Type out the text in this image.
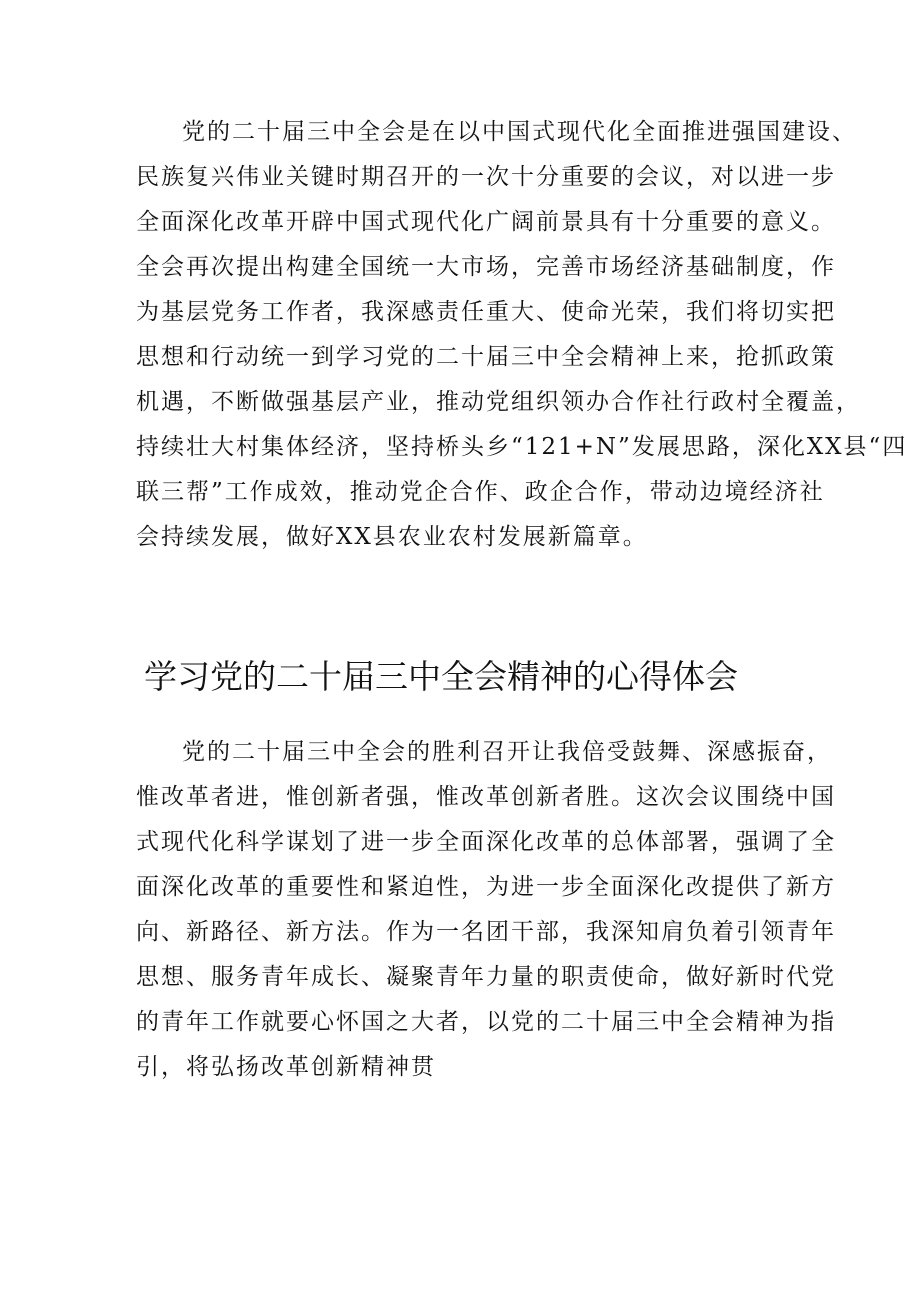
党的二十届三中全会是在以中国式现代化全面推进强国建设、
民族复兴伟业关键时期召开的一次十分重要的会议，对以进一步
全面深化改革开辟中国式现代化广阔前景具有十分重要的意义。
全会再次提出构建全国统一大市场，完善市场经济基础制度，作
为基层党务工作者，我深感责任重大、使命光荣，我们将切实把
思想和行动统一到学习党的二十届三中全会精神上来，抢抓政策
机遇，不断做强基层产业，推动党组织领办合作社行政村全覆盖，
持续壮大村集体经济，坚持桥头乡“121+N”发展思路，深化XX县“四
联三帮”工作成效，推动党企合作、政企合作，带动边境经济社
会持续发展，做好XX县农业农村发展新篇章。
学习党的二十届三中全会精神的心得体会
党的二十届三中全会的胜利召开让我倍受鼓舞、深感振奋，
惟改革者进，惟创新者强，惟改革创新者胜。这次会议围绕中国
式现代化科学谋划了进一步全面深化改革的总体部署，强调了全
面深化改革的重要性和紧迫性，为进一步全面深化改提供了新方
向、新路径、新方法。作为一名团干部，我深知肩负着引领青年
思想、服务青年成长、凝聚青年力量的职责使命，做好新时代党
的青年工作就要心怀国之大者，以党的二十届三中全会精神为指
引，将弘扬改革创新精神贯
